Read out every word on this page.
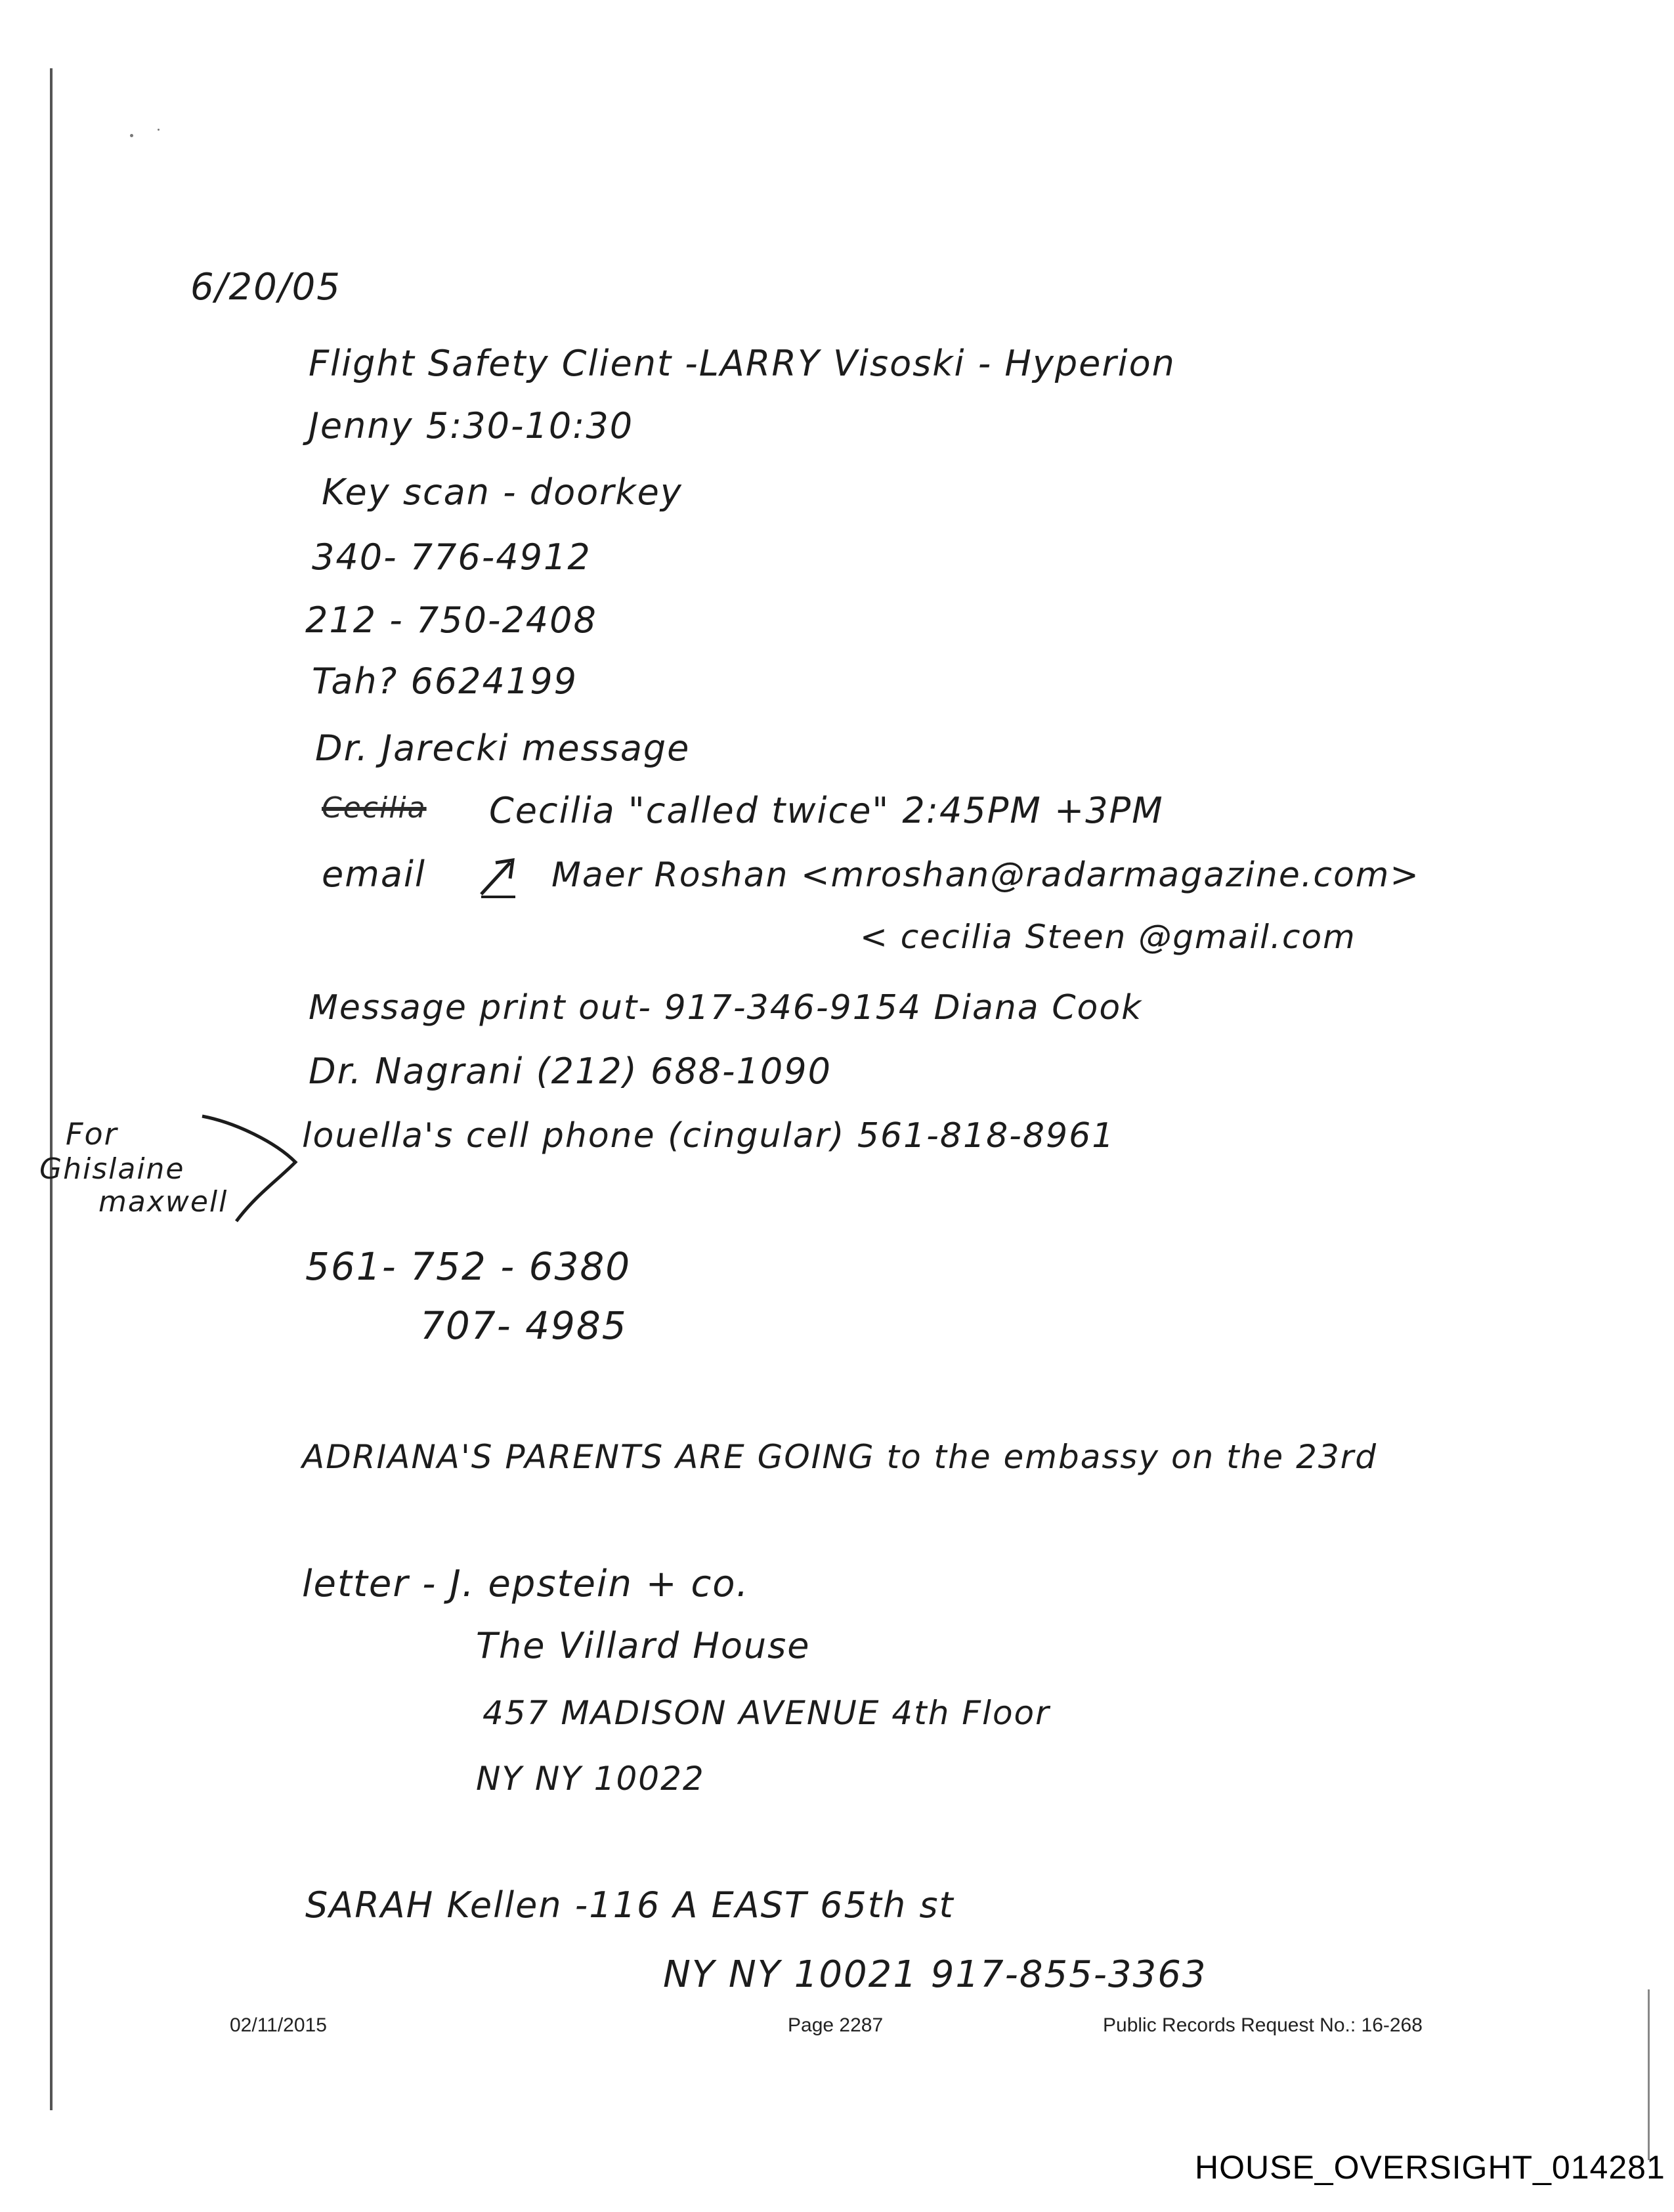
6/20/05
Flight Safety Client -LARRY Visoski - Hyperion
Jenny 5:30-10:30
Key scan - doorkey
340- 776-4912
212 - 750-2408
Tah? 6624199
Dr. Jarecki message
Cecilia Cecilia "called twice" 2:45PM +3PM
email	Maer Roshan <mroshan@radarmagazine.com>
< cecilia Steen @gmail.com
Message print out- 917-346-9154 Diana Cook
Dr. Nagrani (212) 688-1090
For
Ghislaine
maxwell
louella's cell phone (cingular) 561-818-8961
561- 752 - 6380
707- 4985
ADRIANA'S PARENTS ARE GOING to the embassy on the 23rd
letter - J. epstein + co.
The Villard House
457 MADISON AVENUE 4th Floor
NY NY 10022
SARAH Kellen -116 A EAST 65th st
NY NY 10021 917-855-3363
02/11/2015	Page 2287	Public Records Request No.: 16-268
HOUSE_OVERSIGHT_014281
